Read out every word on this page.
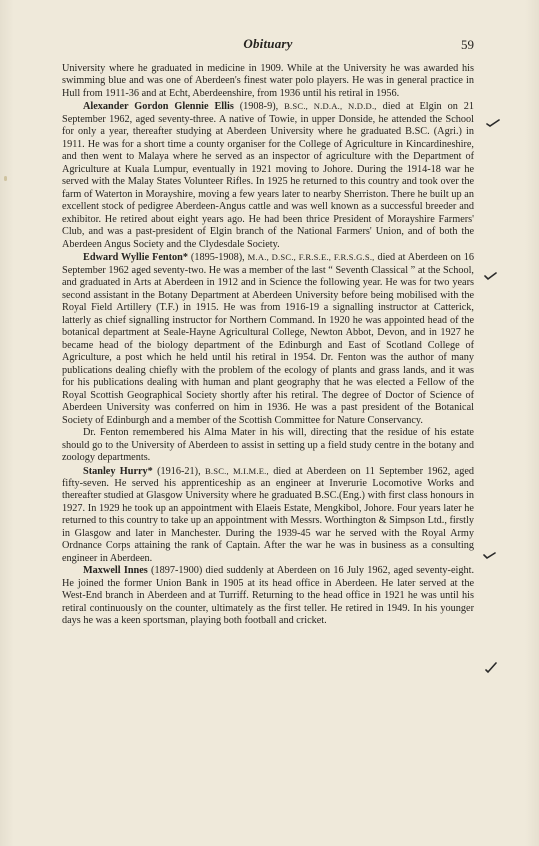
Obituary	59

University where he graduated in medicine in 1909. While at the University he was awarded his swimming blue and was one of Aberdeen's finest water polo players. He was in general practice in Hull from 1911-36 and at Echt, Aberdeenshire, from 1936 until his retiral in 1956.

Alexander Gordon Glennie Ellis (1908-9), B.SC., N.D.A., N.D.D., died at Elgin on 21 September 1962, aged seventy-three. A native of Towie, in upper Donside, he attended the School for only a year, thereafter studying at Aberdeen University where he graduated B.SC. (Agri.) in 1911. He was for a short time a county organiser for the College of Agriculture in Kincardineshire, and then went to Malaya where he served as an inspector of agriculture with the Department of Agriculture at Kuala Lumpur, eventually in 1921 moving to Johore. During the 1914-18 war he served with the Malay States Volunteer Rifles. In 1925 he returned to this country and took over the farm of Waterton in Morayshire, moving a few years later to nearby Sherriston. There he built up an excellent stock of pedigree Aberdeen-Angus cattle and was well known as a successful breeder and exhibitor. He retired about eight years ago. He had been thrice President of Morayshire Farmers' Club, and was a past-president of Elgin branch of the National Farmers' Union, and of both the Aberdeen Angus Society and the Clydesdale Society.

Edward Wyllie Fenton* (1895-1908), M.A., D.SC., F.R.S.E., F.R.S.G.S., died at Aberdeen on 16 September 1962 aged seventy-two. He was a member of the last “ Seventh Classical ” at the School, and graduated in Arts at Aberdeen in 1912 and in Science the following year. He was for two years second assistant in the Botany Department at Aberdeen University before being mobilised with the Royal Field Artillery (T.F.) in 1915. He was from 1916-19 a signalling instructor at Catterick, latterly as chief signalling instructor for Northern Command. In 1920 he was appointed head of the botanical department at Seale-Hayne Agricultural College, Newton Abbot, Devon, and in 1927 he became head of the biology department of the Edinburgh and East of Scotland College of Agriculture, a post which he held until his retiral in 1954. Dr. Fenton was the author of many publications dealing chiefly with the problem of the ecology of plants and grass lands, and it was for his publications dealing with human and plant geography that he was elected a Fellow of the Royal Scottish Geographical Society shortly after his retiral. The degree of Doctor of Science of Aberdeen University was conferred on him in 1936. He was a past president of the Botanical Society of Edinburgh and a member of the Scottish Committee for Nature Conservancy.

Dr. Fenton remembered his Alma Mater in his will, directing that the residue of his estate should go to the University of Aberdeen to assist in setting up a field study centre in the botany and zoology departments.

Stanley Hurry* (1916-21), B.SC., M.I.M.E., died at Aberdeen on 11 September 1962, aged fifty-seven. He served his apprenticeship as an engineer at Inverurie Locomotive Works and thereafter studied at Glasgow University where he graduated B.SC.(Eng.) with first class honours in 1927. In 1929 he took up an appointment with Elaeis Estate, Mengkibol, Johore. Four years later he returned to this country to take up an appointment with Messrs. Worthington & Simpson Ltd., firstly in Glasgow and later in Manchester. During the 1939-45 war he served with the Royal Army Ordnance Corps attaining the rank of Captain. After the war he was in business as a consulting engineer in Aberdeen.

Maxwell Innes (1897-1900) died suddenly at Aberdeen on 16 July 1962, aged seventy-eight. He joined the former Union Bank in 1905 at its head office in Aberdeen. He later served at the West-End branch in Aberdeen and at Turriff. Returning to the head office in 1921 he was until his retiral continuously on the counter, ultimately as the first teller. He retired in 1949. In his younger days he was a keen sportsman, playing both football and cricket.
